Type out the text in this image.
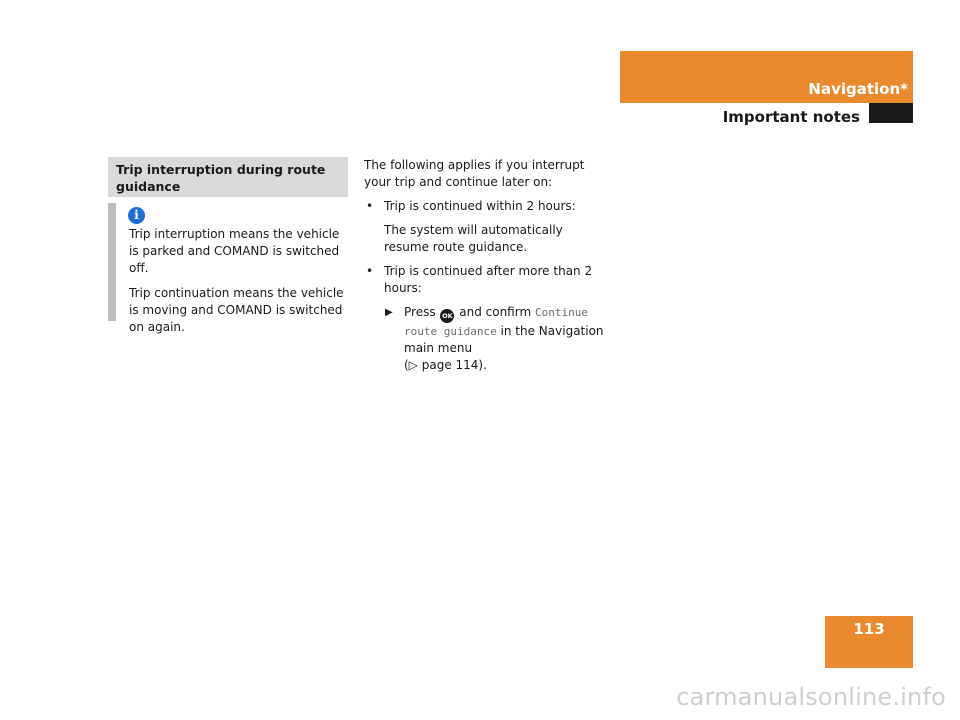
Navigation*
Important notes
Trip interruption during route guidance
i

Trip interruption means the vehicle is parked and COMAND is switched off.

Trip continuation means the vehicle is moving and COMAND is switched on again.

The following applies if you interrupt your trip and continue later on:

• Trip is continued within 2 hours:

The system will automatically resume route guidance.

• Trip is continued after more than 2 hours:
▶ Press OK and confirm Continue route guidance in the Navigation main menu
(▷ page 114).
113
carmanualsonline.info
